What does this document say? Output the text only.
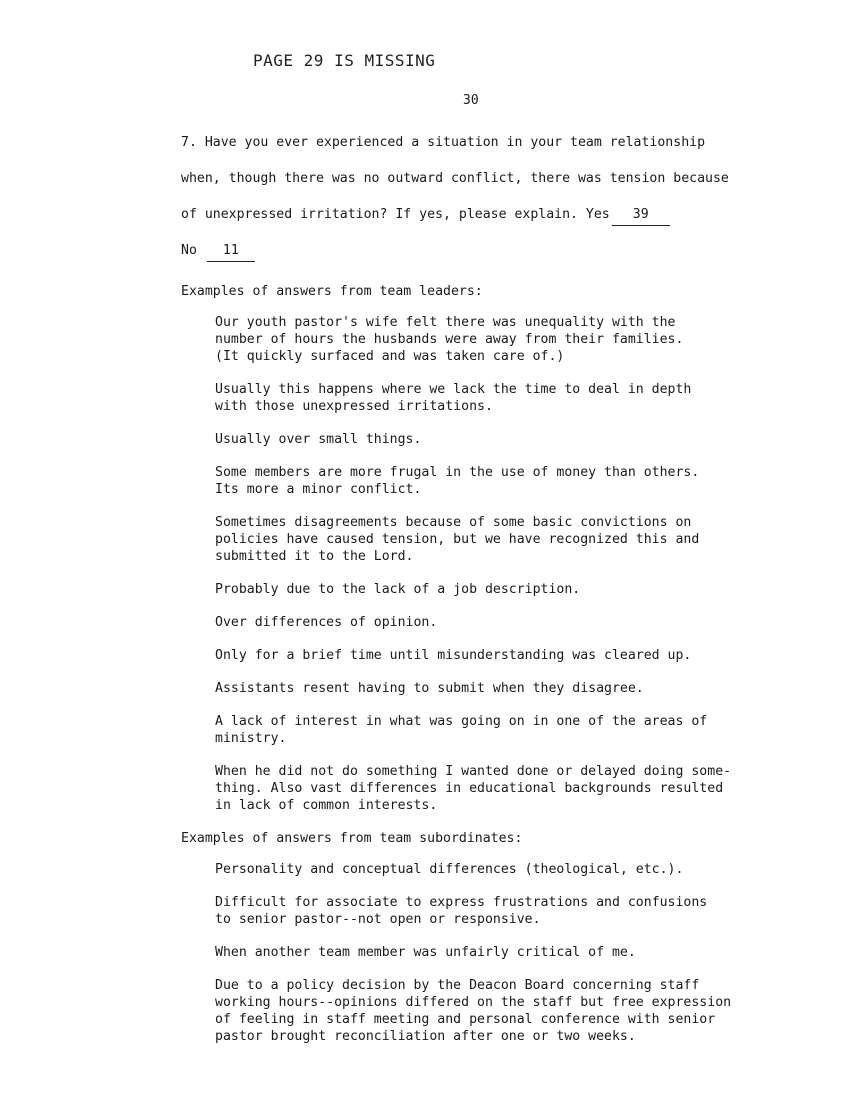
PAGE 29 IS MISSING
30
7. Have you ever experienced a situation in your team relationship
when, though there was no outward conflict, there was tension because
of unexpressed irritation? If yes, please explain. Yes 39
No 11
Examples of answers from team leaders:

Our youth pastor's wife felt there was unequality with the
number of hours the husbands were away from their families.
(It quickly surfaced and was taken care of.)

Usually this happens where we lack the time to deal in depth
with those unexpressed irritations.

Usually over small things.

Some members are more frugal in the use of money than others.
Its more a minor conflict.

Sometimes disagreements because of some basic convictions on
policies have caused tension, but we have recognized this and
submitted it to the Lord.

Probably due to the lack of a job description.

Over differences of opinion.

Only for a brief time until misunderstanding was cleared up.

Assistants resent having to submit when they disagree.

A lack of interest in what was going on in one of the areas of
ministry.

When he did not do something I wanted done or delayed doing some-
thing. Also vast differences in educational backgrounds resulted
in lack of common interests.

Examples of answers from team subordinates:

Personality and conceptual differences (theological, etc.).

Difficult for associate to express frustrations and confusions
to senior pastor--not open or responsive.

When another team member was unfairly critical of me.

Due to a policy decision by the Deacon Board concerning staff
working hours--opinions differed on the staff but free expression
of feeling in staff meeting and personal conference with senior
pastor brought reconciliation after one or two weeks.
